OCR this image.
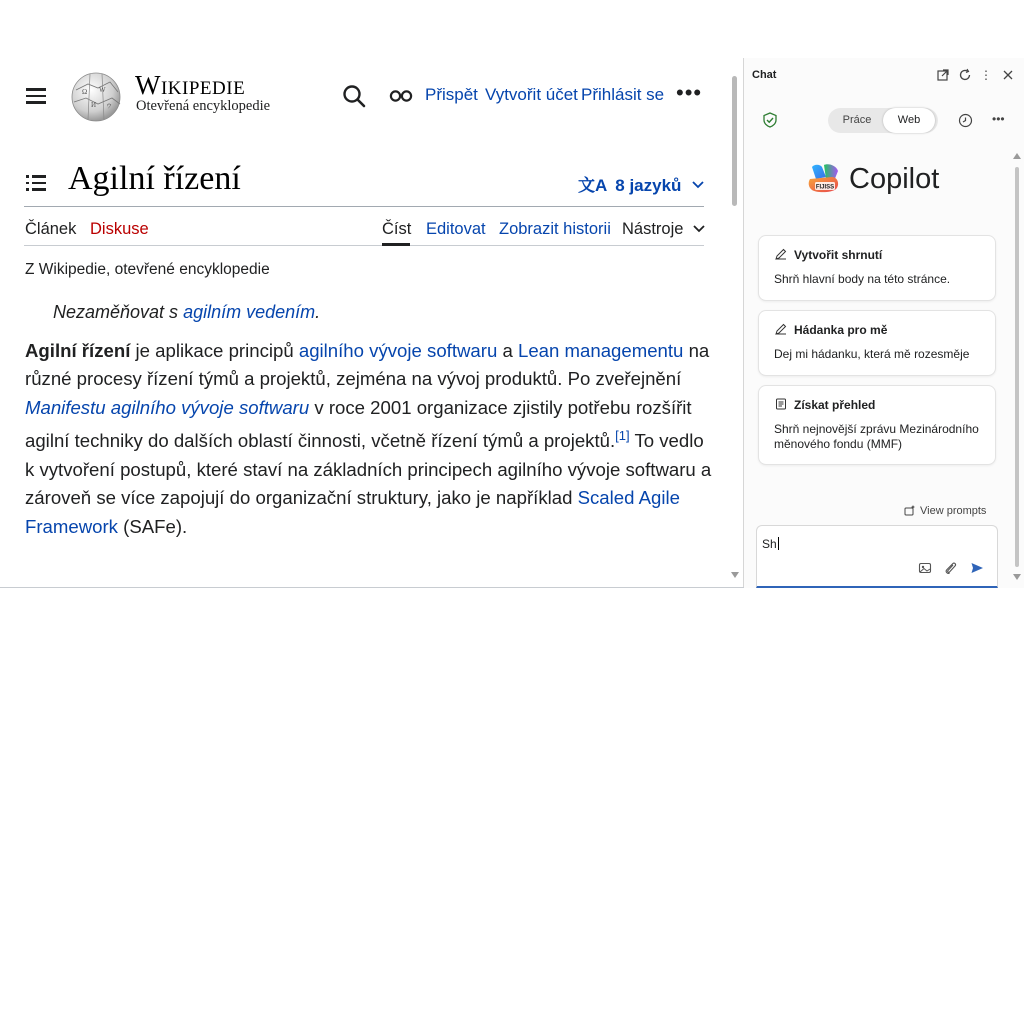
Ω W
И ウ
Wikipedie
Otevřená encyklopedie
Přispět Vytvořit účet Přihlásit se •••
Agilní řízení	文A 8 jazyků
Článek Diskuse	Číst Editovat Zobrazit historii Nástroje
Z Wikipedie, otevřené encyklopedie
Nezaměňovat s agilním vedením.

Agilní řízení je aplikace principů agilního vývoje softwaru a Lean managementu na různé procesy řízení týmů a projektů, zejména na vývoj produktů. Po zveřejnění Manifestu agilního vývoje softwaru v roce 2001 organizace zjistily potřebu rozšířit agilní techniky do dalších oblastí činnosti, včetně řízení týmů a projektů.[1] To vedlo k vytvoření postupů, které staví na základních principech agilního vývoje softwaru a zároveň se více zapojují do organizační struktury, jako je například Scaled Agile Framework (SAFe).

Chat	⋮
Práce	Web	•••
FIJISS Copilot
Vytvořit shrnutí
Shrň hlavní body na této stránce.
Hádanka pro mě
Dej mi hádanku, která mě rozesměje
Získat přehled
Shrň nejnovější zprávu Mezinárodního měnového fondu (MMF)
View prompts
Sh
